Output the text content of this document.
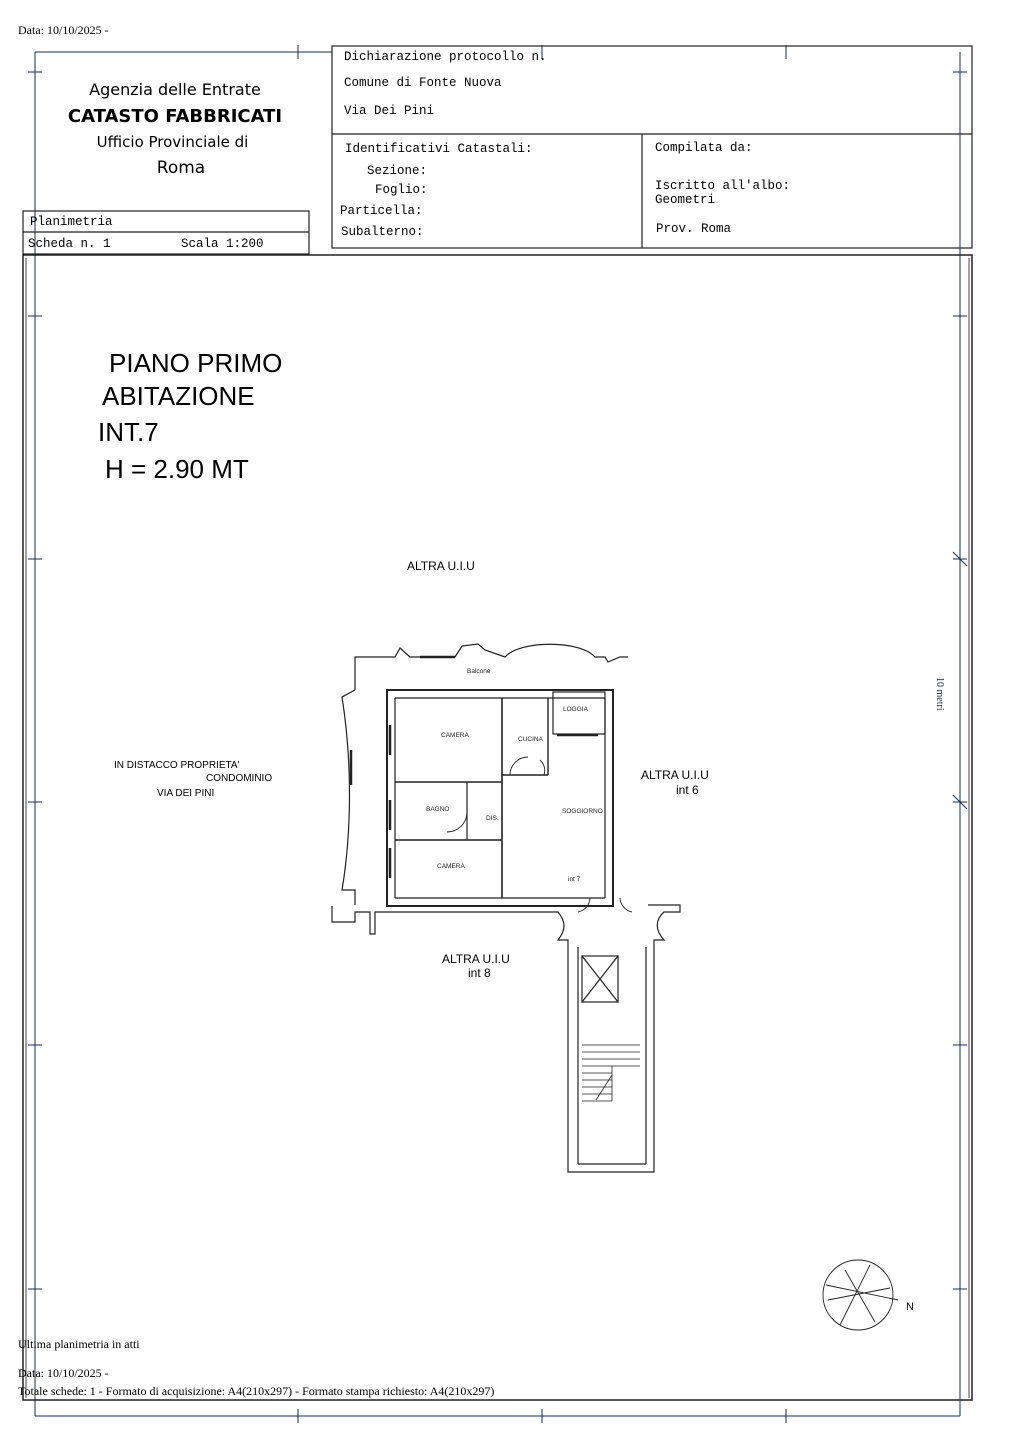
Data: 10/10/2025 -
Agenzia delle Entrate
CATASTO FABBRICATI
Ufficio Provinciale di
Roma
Dichiarazione protocollo n.
Comune di Fonte Nuova
Via Dei Pini
Identificativi Catastali:
Sezione:
Foglio:
Particella:
Subalterno:
Compilata da:
Iscritto all'albo:
Geometri
Prov. Roma
Planimetria
Scheda n. 1	Scala 1:200
PIANO PRIMO
ABITAZIONE
INT.7
H = 2.90 MT
ALTRA U.I.U
IN DISTACCO PROPRIETA'
CONDOMINIO
VIA DEI PINI
ALTRA U.I.U
int 6
ALTRA U.I.U
int 8
10 metri
Balcone
LOGGIA
CAMERA
CUCINA
BAGNO
DIS.
SOGGIORNO
CAMERA
int 7
N
Ultima planimetria in atti
Data: 10/10/2025 -
Totale schede: 1 - Formato di acquisizione: A4(210x297) - Formato stampa richiesto: A4(210x297)
